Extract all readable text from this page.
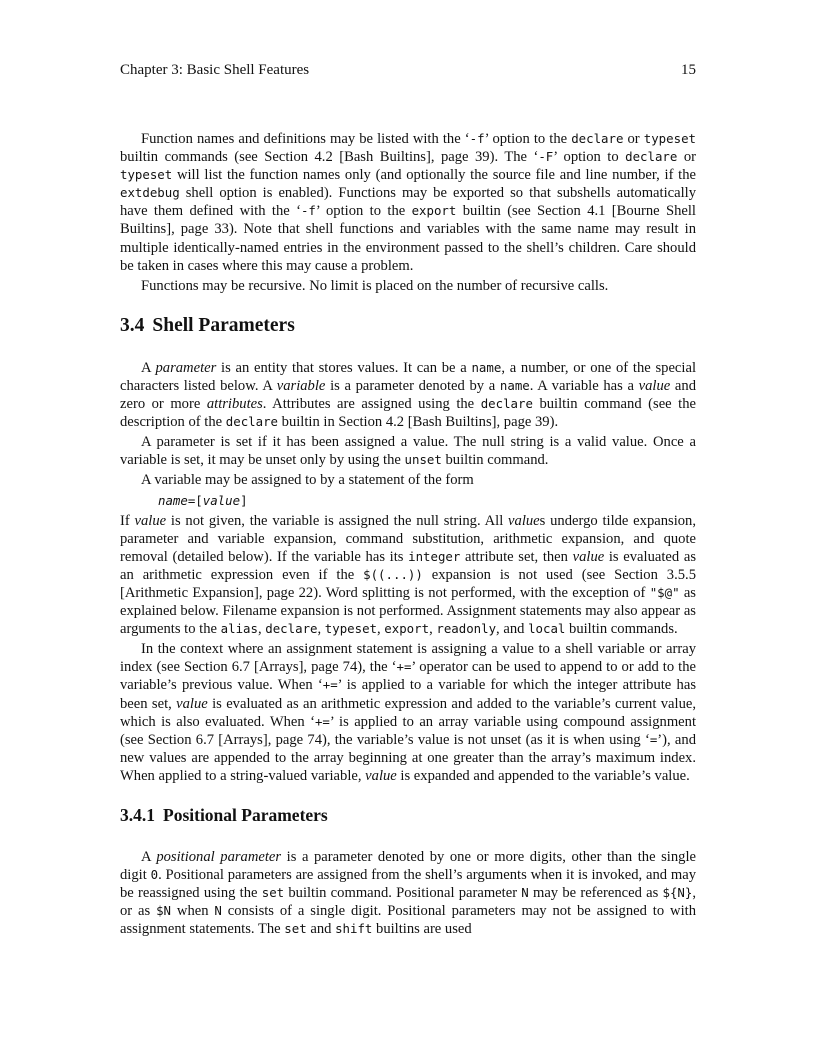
Chapter 3: Basic Shell Features	15

Function names and definitions may be listed with the ‘-f’ option to the declare or typeset builtin commands (see Section 4.2 [Bash Builtins], page 39). The ‘-F’ option to declare or typeset will list the function names only (and optionally the source file and line number, if the extdebug shell option is enabled). Functions may be exported so that subshells automatically have them defined with the ‘-f’ option to the export builtin (see Section 4.1 [Bourne Shell Builtins], page 33). Note that shell functions and variables with the same name may result in multiple identically-named entries in the environment passed to the shell’s children. Care should be taken in cases where this may cause a problem.

Functions may be recursive. No limit is placed on the number of recursive calls.

3.4 Shell Parameters

A parameter is an entity that stores values. It can be a name, a number, or one of the special characters listed below. A variable is a parameter denoted by a name. A variable has a value and zero or more attributes. Attributes are assigned using the declare builtin command (see the description of the declare builtin in Section 4.2 [Bash Builtins], page 39).

A parameter is set if it has been assigned a value. The null string is a valid value. Once a variable is set, it may be unset only by using the unset builtin command.

A variable may be assigned to by a statement of the form

name=[value]

If value is not given, the variable is assigned the null string. All values undergo tilde expansion, parameter and variable expansion, command substitution, arithmetic expansion, and quote removal (detailed below). If the variable has its integer attribute set, then value is evaluated as an arithmetic expression even if the $((...)) expansion is not used (see Section 3.5.5 [Arithmetic Expansion], page 22). Word splitting is not performed, with the exception of "$@" as explained below. Filename expansion is not performed. Assignment statements may also appear as arguments to the alias, declare, typeset, export, readonly, and local builtin commands.

In the context where an assignment statement is assigning a value to a shell variable or array index (see Section 6.7 [Arrays], page 74), the ‘+=’ operator can be used to append to or add to the variable’s previous value. When ‘+=’ is applied to a variable for which the integer attribute has been set, value is evaluated as an arithmetic expression and added to the variable’s current value, which is also evaluated. When ‘+=’ is applied to an array variable using compound assignment (see Section 6.7 [Arrays], page 74), the variable’s value is not unset (as it is when using ‘=’), and new values are appended to the array beginning at one greater than the array’s maximum index. When applied to a string-valued variable, value is expanded and appended to the variable’s value.

3.4.1 Positional Parameters

A positional parameter is a parameter denoted by one or more digits, other than the single digit 0. Positional parameters are assigned from the shell’s arguments when it is invoked, and may be reassigned using the set builtin command. Positional parameter N may be referenced as ${N}, or as $N when N consists of a single digit. Positional parameters may not be assigned to with assignment statements. The set and shift builtins are used
